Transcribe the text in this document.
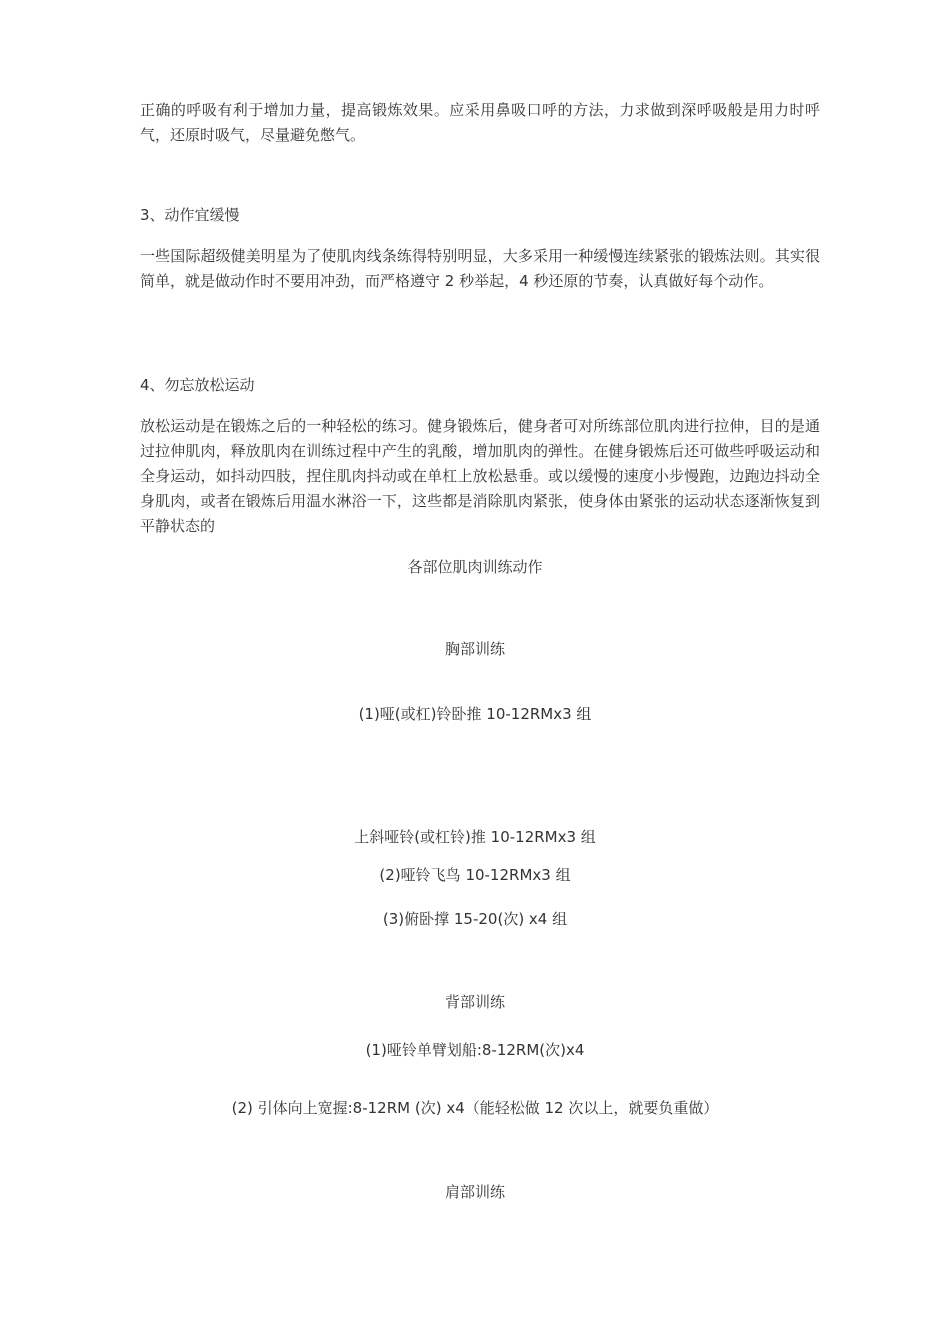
正确的呼吸有利于增加力量，提高锻炼效果。应采用鼻吸口呼的方法，力求做到深呼吸般是用力时呼气，还原时吸气，尽量避免憋气。

3、动作宜缓慢

一些国际超级健美明星为了使肌肉线条练得特别明显，大多采用一种缓慢连续紧张的锻炼法则。其实很简单，就是做动作时不要用冲劲，而严格遵守 2 秒举起，4 秒还原的节奏，认真做好每个动作。

4、勿忘放松运动

放松运动是在锻炼之后的一种轻松的练习。健身锻炼后，健身者可对所练部位肌肉进行拉伸，目的是通过拉伸肌肉，释放肌肉在训练过程中产生的乳酸，增加肌肉的弹性。在健身锻炼后还可做些呼吸运动和全身运动，如抖动四肢，捏住肌肉抖动或在单杠上放松悬垂。或以缓慢的速度小步慢跑，边跑边抖动全身肌肉，或者在锻炼后用温水淋浴一下，这些都是消除肌肉紧张，使身体由紧张的运动状态逐渐恢复到平静状态的

各部位肌肉训练动作

胸部训练

(1)哑(或杠)铃卧推 10-12RMx3 组

上斜哑铃(或杠铃)推 10-12RMx3 组

(2)哑铃飞鸟 10-12RMx3 组

(3)俯卧撑 15-20(次) x4 组

背部训练

(1)哑铃单臂划船:8-12RM(次)x4

(2) 引体向上宽握:8-12RM (次) x4（能轻松做 12 次以上，就要负重做）

肩部训练
